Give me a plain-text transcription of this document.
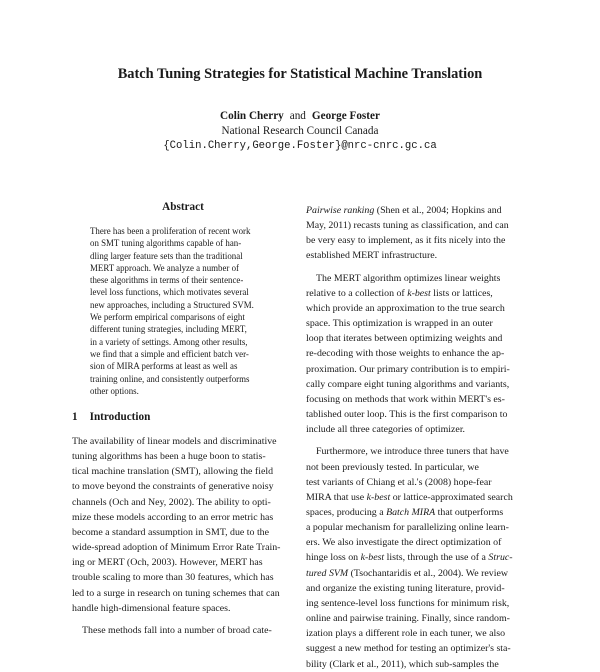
Batch Tuning Strategies for Statistical Machine Translation
Colin Cherry and George Foster
National Research Council Canada
{Colin.Cherry,George.Foster}@nrc-cnrc.gc.ca
Abstract
There has been a proliferation of recent work
on SMT tuning algorithms capable of han-
dling larger feature sets than the traditional
MERT approach. We analyze a number of
these algorithms in terms of their sentence-
level loss functions, which motivates several
new approaches, including a Structured SVM.
We perform empirical comparisons of eight
different tuning strategies, including MERT,
in a variety of settings. Among other results,
we find that a simple and efficient batch ver-
sion of MIRA performs at least as well as
training online, and consistently outperforms
other options.
1 Introduction
The availability of linear models and discriminative
tuning algorithms has been a huge boon to statis-
tical machine translation (SMT), allowing the field
to move beyond the constraints of generative noisy
channels (Och and Ney, 2002). The ability to opti-
mize these models according to an error metric has
become a standard assumption in SMT, due to the
wide-spread adoption of Minimum Error Rate Train-
ing or MERT (Och, 2003). However, MERT has
trouble scaling to more than 30 features, which has
led to a surge in research on tuning schemes that can
handle high-dimensional feature spaces.
These methods fall into a number of broad cate-
Pairwise ranking (Shen et al., 2004; Hopkins and
May, 2011) recasts tuning as classification, and can
be very easy to implement, as it fits nicely into the
established MERT infrastructure.
The MERT algorithm optimizes linear weights
relative to a collection of k-best lists or lattices,
which provide an approximation to the true search
space. This optimization is wrapped in an outer
loop that iterates between optimizing weights and
re-decoding with those weights to enhance the ap-
proximation. Our primary contribution is to empiri-
cally compare eight tuning algorithms and variants,
focusing on methods that work within MERT's es-
tablished outer loop. This is the first comparison to
include all three categories of optimizer.
Furthermore, we introduce three tuners that have
not been previously tested. In particular, we
test variants of Chiang et al.'s (2008) hope-fear
MIRA that use k-best or lattice-approximated search
spaces, producing a Batch MIRA that outperforms
a popular mechanism for parallelizing online learn-
ers. We also investigate the direct optimization of
hinge loss on k-best lists, through the use of a Struc-
tured SVM (Tsochantaridis et al., 2004). We review
and organize the existing tuning literature, provid-
ing sentence-level loss functions for minimum risk,
online and pairwise training. Finally, since random-
ization plays a different role in each tuner, we also
suggest a new method for testing an optimizer's sta-
bility (Clark et al., 2011), which sub-samples the
